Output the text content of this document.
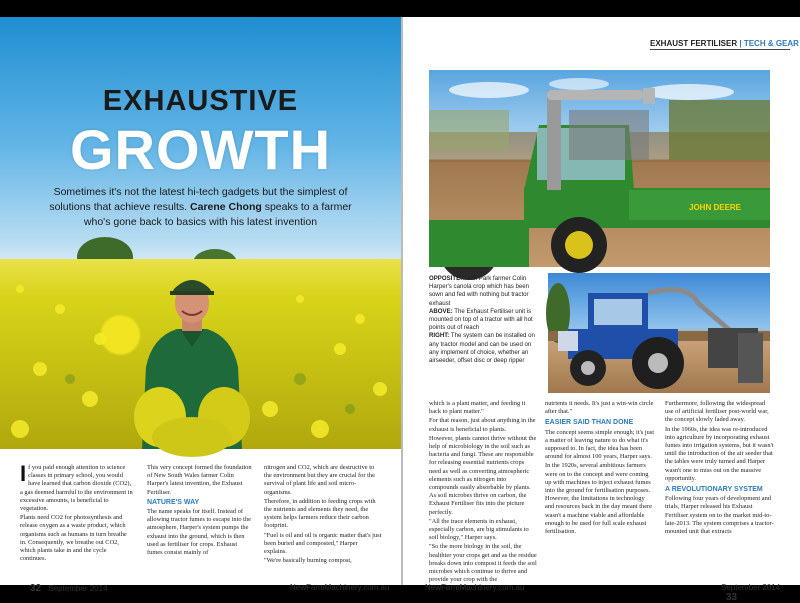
EXHAUSTIVE
GROWTH
Sometimes it's not the latest hi-tech gadgets but the simplest of solutions that achieve results. Carene Chong speaks to a farmer who's gone back to basics with his latest invention
I f you paid enough attention to science classes in primary school, you would have learned that carbon dioxide (CO2), a gas deemed harmful to the environment in excessive amounts, is beneficial to vegetation.

Plants need CO2 for photosynthesis and release oxygen as a waste product, which organisms such as humans in turn breathe in. Consequently, we breathe out CO2, which plants take in and the cycle continues.

This very concept formed the foundation of New South Wales farmer Colin Harper's latest invention, the Exhaust Fertiliser.

NATURE'S WAY

The name speaks for itself. Instead of allowing tractor fumes to escape into the atmosphere, Harper's system pumps the exhaust into the ground, which is then used as fertiliser for crops. Exhaust fumes consist mainly of

nitrogen and CO2, which are destructive to the environment but they are crucial for the survival of plant life and soil micro-organisms.

Therefore, in addition to feeding crops with the nutrients and elements they need, the system helps farmers reduce their carbon footprint.

"Fuel is oil and oil is organic matter that's just been buried and composted," Harper explains.

"We're basically burning compost,

32 September 2014	NewFarmMachinery.com.au
EXHAUST FERTILISER | TECH & GEAR
JOHN DEERE
OPPOSITE: Allah Park farmer Colin Harper's canola crop which has been sown and fed with nothing but tractor exhaust
ABOVE: The Exhaust Fertiliser unit is mounted on top of a tractor with all hot points out of reach
RIGHT: The system can be installed on any tractor model and can be used on any implement of choice, whether an airseeder, offset disc or deep ripper

which is a plant matter, and feeding it back to plant matter."

For that reason, just about anything in the exhaust is beneficial to plants.

However, plants cannot thrive without the help of microbiology in the soil such as bacteria and fungi. These are responsible for releasing essential nutrients crops need as well as converting atmospheric elements such as nitrogen into compounds easily absorbable by plants. As soil microbes thrive on carbon, the Exhaust Fertiliser fits into the picture perfectly.

"All the trace elements in exhaust, especially carbon, are big stimulants to soil biology," Harper says.

"So the more biology in the soil, the healthier your crops get and as the residue breaks down into compost it feeds the soil microbes which continue to thrive and provide your crop with the

nutrients it needs. It's just a win-win circle after that."

EASIER SAID THAN DONE

The concept seems simple enough; it's just a matter of leaving nature to do what it's supposed to. In fact, the idea has been around for almost 100 years, Harper says.

In the 1920s, several ambitious farmers were on to the concept and were coming up with machines to inject exhaust fumes into the ground for fertilisation purposes. However, the limitations in technology and resources back in the day meant there wasn't a machine viable and affordable enough to be used for full scale exhaust fertilisation.

Furthermore, following the widespread use of artificial fertiliser post-world war, the concept slowly faded away.

In the 1960s, the idea was re-introduced into agriculture by incorporating exhaust fumes into irrigation systems, but it wasn't until the introduction of the air seeder that the tables were truly turned and Harper wasn't one to miss out on the massive opportunity.

A REVOLUTIONARY SYSTEM

Following four years of development and trials, Harper released his Exhaust Fertiliser system on to the market mid-to-late-2013. The system comprises a tractor-mounted unit that extracts

NewFarmMachinery.com.au	September 2014 33
